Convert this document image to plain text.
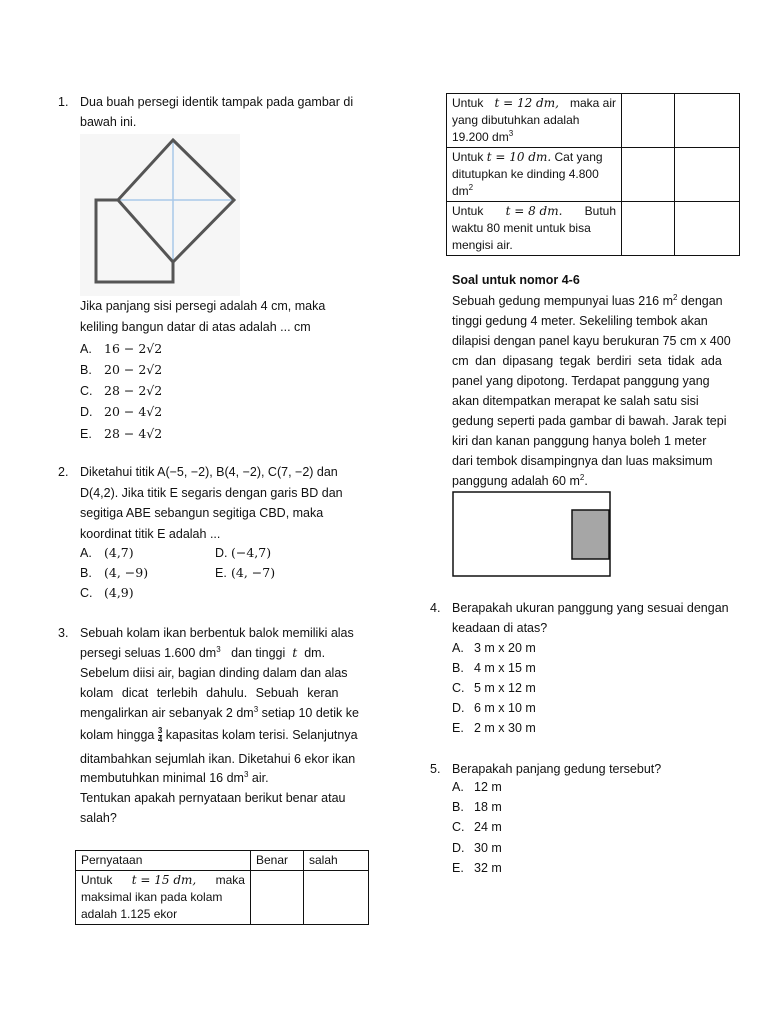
1. Dua buah persegi identik tampak pada gambar di
bawah ini.
Jika panjang sisi persegi adalah 4 cm, maka
keliling bangun datar di atas adalah ... cm
A. 16 − 2√2
B. 20 − 2√2
C. 28 − 2√2
D. 20 − 4√2
E. 28 − 4√2
2. Diketahui titik A(−5, −2), B(4, −2), C(7, −2) dan
D(4,2). Jika titik E segaris dengan garis BD dan
segitiga ABE sebangun segitiga CBD, maka
koordinat titik E adalah ...
A. (4,7)	D. (−4,7)
B. (4, −9)	E. (4, −7)
C. (4,9)
3. Sebuah kolam ikan berbentuk balok memiliki alas
persegi seluas 1.600 $dm^3$ dan tinggi t dm.
Sebelum diisi air, bagian dinding dalam dan alas
kolam dicat terlebih dahulu. Sebuah keran
mengalirkan air sebanyak 2 $dm^3$ setiap 10 detik ke
kolam hingga $\frac{3}{4}$ kapasitas kolam terisi. Selanjutnya
ditambahkan sejumlah ikan. Diketahui 6 ekor ikan
membutuhkan minimal 16 $dm^3$ air.
Tentukan apakah pernyataan berikut benar atau
salah?
Pernyataan	Benar	salah

Untuk t = 15 dm, maka
maksimal ikan pada kolam
adalah 1.125 ekor		

Untuk t = 12 dm, maka air
yang dibutuhkan adalah
19.200 $dm^3$

Untuk t = 10 dm. Cat yang
ditutupkan ke dinding 4.800
$dm^2$

Untuk t = 8 dm. Butuh
waktu 80 menit untuk bisa
mengisi air.		

Soal untuk nomor 4-6
Sebuah gedung mempunyai luas 216 $m^2$ dengan
tinggi gedung 4 meter. Sekeliling tembok akan
dilapisi dengan panel kayu berukuran 75 cm x 400
cm dan dipasang tegak berdiri seta tidak ada
panel yang dipotong. Terdapat panggung yang
akan ditempatkan merapat ke salah satu sisi
gedung seperti pada gambar di bawah. Jarak tepi
kiri dan kanan panggung hanya boleh 1 meter
dari tembok disampingnya dan luas maksimum
panggung adalah 60 $m^2$.
4. Berapakah ukuran panggung yang sesuai dengan
keadaan di atas?
A. 3 m x 20 m
B. 4 m x 15 m
C. 5 m x 12 m
D. 6 m x 10 m
E. 2 m x 30 m
5. Berapakah panjang gedung tersebut?
A. 12 m
B. 18 m
C. 24 m
D. 30 m
E. 32 m
